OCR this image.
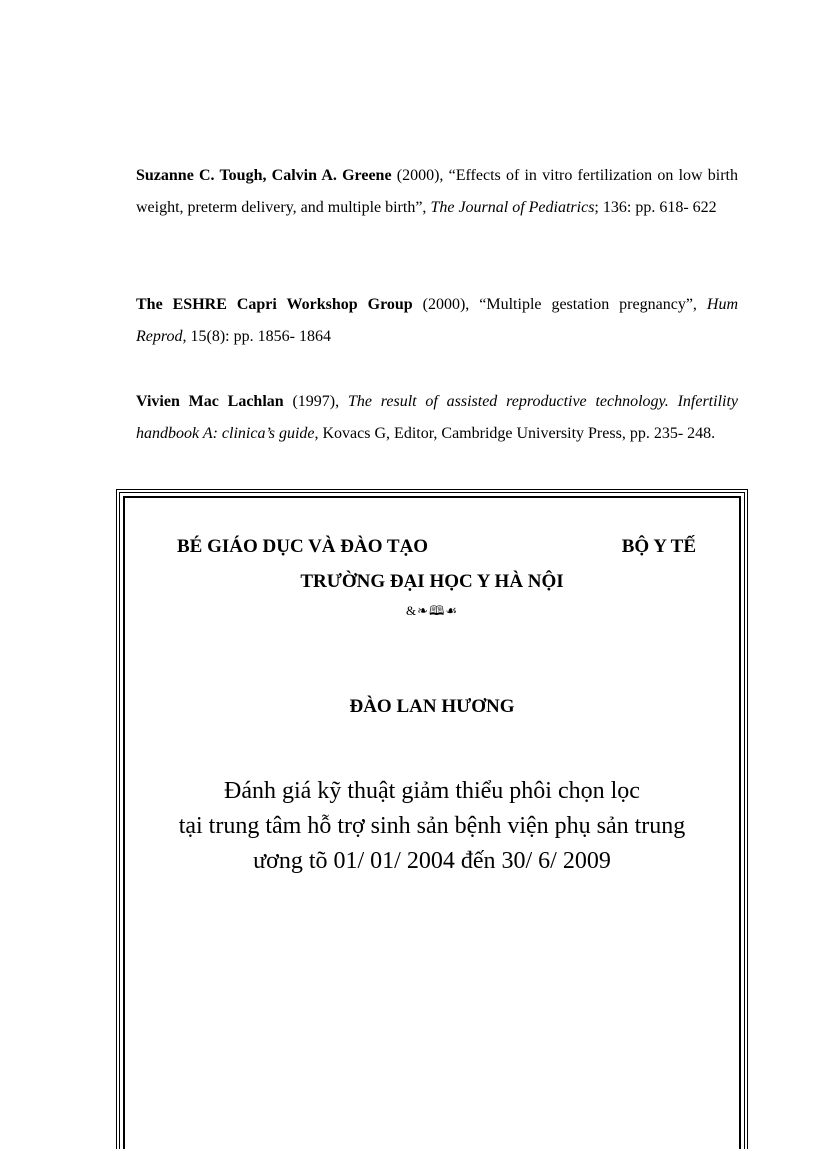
Suzanne C. Tough, Calvin A. Greene (2000), “Effects of in vitro fertilization on low birth weight, preterm delivery, and multiple birth”, The Journal of Pediatrics; 136: pp. 618- 622
The ESHRE Capri Workshop Group (2000), “Multiple gestation pregnancy”, Hum Reprod, 15(8): pp. 1856- 1864
Vivien Mac Lachlan (1997), The result of assisted reproductive technology. Infertility handbook A: clinica’s guide, Kovacs G, Editor, Cambridge University Press, pp. 235- 248.
BÉ GIÁO DỤC VÀ ĐÀO TẠO	BỘ Y TẾ
TRƯỜNG ĐẠI HỌC Y HÀ NỘI
&❧🕮☙
ĐÀO LAN HƯƠNG
Đánh giá kỹ thuật giảm thiểu phôi chọn lọc
tại trung tâm hỗ trợ sinh sản bệnh viện phụ sản trung
ương tõ 01/ 01/ 2004 đến 30/ 6/ 2009
